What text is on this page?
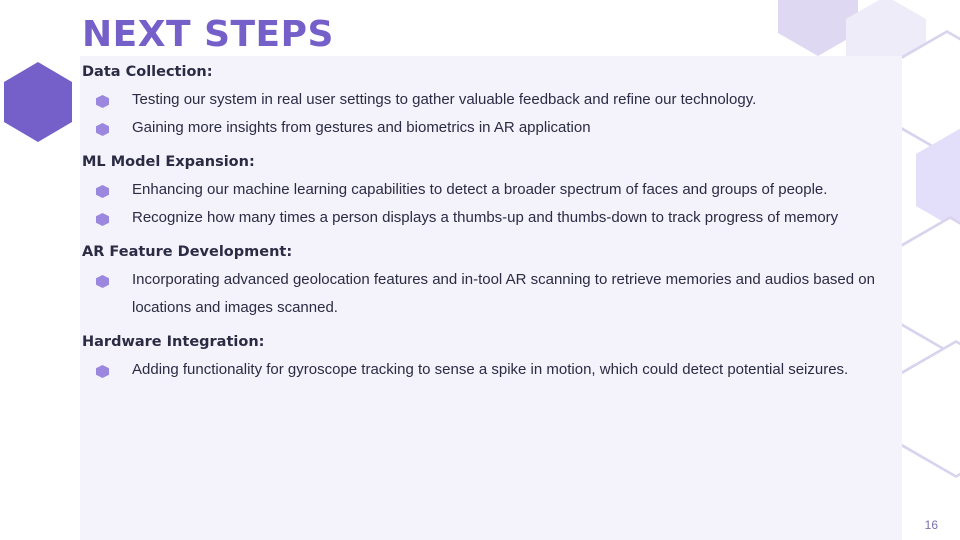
NEXT STEPS
Data Collection:
Testing our system in real user settings to gather valuable feedback and refine our technology.
Gaining more insights from gestures and biometrics in AR application
ML Model Expansion:
Enhancing our machine learning capabilities to detect a broader spectrum of faces and groups of people.
Recognize how many times a person displays a thumbs-up and thumbs-down to track progress of memory
AR Feature Development:
Incorporating advanced geolocation features and in-tool AR scanning to retrieve memories and audios based on locations and images scanned.
Hardware Integration:
Adding functionality for gyroscope tracking to sense a spike in motion, which could detect potential seizures.
16
